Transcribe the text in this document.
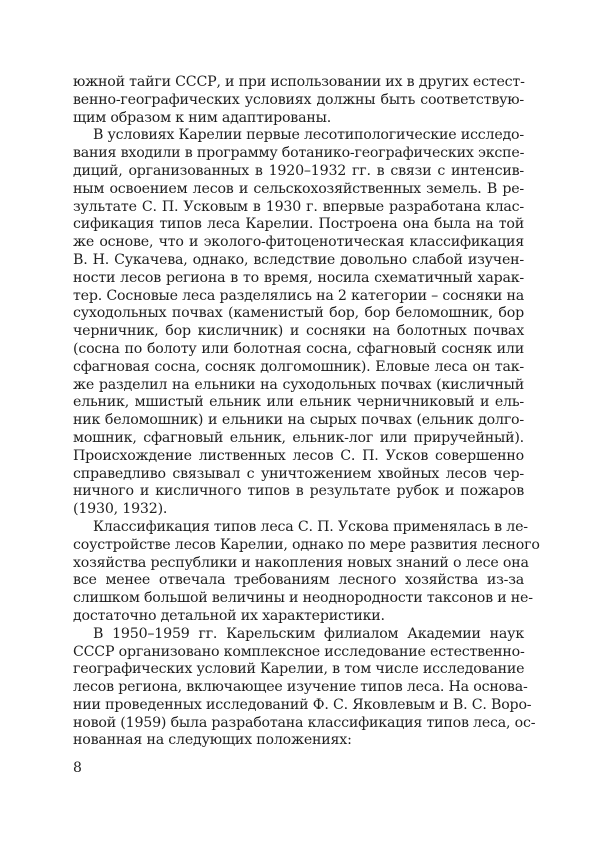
южной тайги СССР, и при использовании их в других естест-
венно-географических условиях должны быть соответствую-
щим образом к ним адаптированы.
В условиях Карелии первые лесотипологические исследо-
вания входили в программу ботанико-географических экспе-
диций, организованных в 1920–1932 гг. в связи с интенсив-
ным освоением лесов и сельскохозяйственных земель. В ре-
зультате С. П. Усковым в 1930 г. впервые разработана клас-
сификация типов леса Карелии. Построена она была на той
же основе, что и эколого-фитоценотическая классификация
В. Н. Сукачева, однако, вследствие довольно слабой изучен-
ности лесов региона в то время, носила схематичный харак-
тер. Сосновые леса разделялись на 2 категории – сосняки на
суходольных почвах (каменистый бор, бор беломошник, бор
черничник, бор кисличник) и сосняки на болотных почвах
(сосна по болоту или болотная сосна, сфагновый сосняк или
сфагновая сосна, сосняк долгомошник). Еловые леса он так-
же разделил на ельники на суходольных почвах (кисличный
ельник, мшистый ельник или ельник черничниковый и ель-
ник беломошник) и ельники на сырых почвах (ельник долго-
мошник, сфагновый ельник, ельник-лог или приручейный).
Происхождение лиственных лесов С. П. Усков совершенно
справедливо связывал с уничтожением хвойных лесов чер-
ничного и кисличного типов в результате рубок и пожаров
(1930, 1932).
Классификация типов леса С. П. Ускова применялась в ле-
соустройстве лесов Карелии, однако по мере развития лесного
хозяйства республики и накопления новых знаний о лесе она
все менее отвечала требованиям лесного хозяйства из-за
слишком большой величины и неоднородности таксонов и не-
достаточно детальной их характеристики.
В 1950–1959 гг. Карельским филиалом Академии наук
СССР организовано комплексное исследование естественно-
географических условий Карелии, в том числе исследование
лесов региона, включающее изучение типов леса. На основа-
нии проведенных исследований Ф. С. Яковлевым и В. С. Воро-
новой (1959) была разработана классификация типов леса, ос-
нованная на следующих положениях:
8
